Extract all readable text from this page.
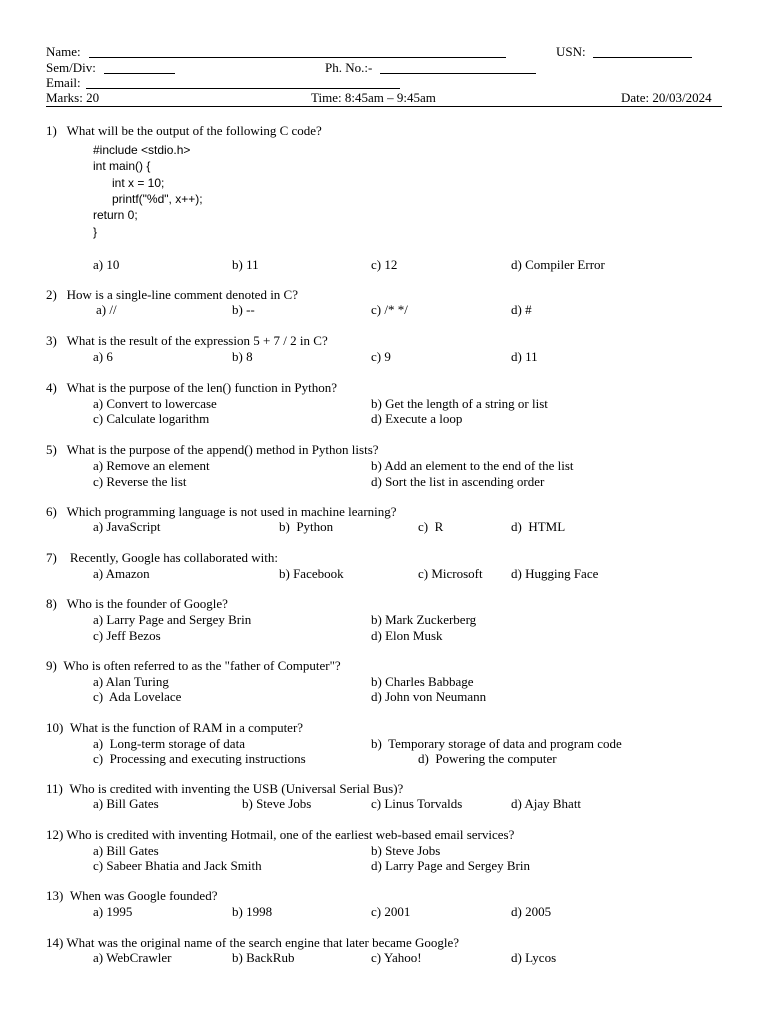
Name:	USN:
Sem/Div:	Ph. No.:-
Email:
Marks: 20	Time: 8:45am – 9:45am	Date: 20/03/2024
1)   What will be the output of the following C code?
#include <stdio.h>
int main() {
int x = 10;
printf("%d", x++);
return 0;
}
a) 10	b) 11	c) 12	d) Compiler Error
2)   How is a single-line comment denoted in C?
a) //	b) --	c) /* */	d) #
3)   What is the result of the expression 5 + 7 / 2 in C?
a) 6	b) 8	c) 9	d) 11
4)   What is the purpose of the len() function in Python?
a) Convert to lowercase	b) Get the length of a string or list
c) Calculate logarithm	d) Execute a loop
5)   What is the purpose of the append() method in Python lists?
a) Remove an element	b) Add an element to the end of the list
c) Reverse the list	d) Sort the list in ascending order
6)   Which programming language is not used in machine learning?
a) JavaScript	b)  Python	c)  R	d)  HTML
7)    Recently, Google has collaborated with:
a) Amazon	b) Facebook	c) Microsoft d) Hugging Face
8)   Who is the founder of Google?
a) Larry Page and Sergey Brin	b) Mark Zuckerberg
c) Jeff Bezos	d) Elon Musk
9)  Who is often referred to as the "father of Computer"?
a) Alan Turing	b) Charles Babbage
c)  Ada Lovelace	d) John von Neumann
10)  What is the function of RAM in a computer?
a)  Long-term storage of data	b)  Temporary storage of data and program code
c)  Processing and executing instructions	d)  Powering the computer
11)  Who is credited with inventing the USB (Universal Serial Bus)?
a) Bill Gates	b) Steve Jobs	c) Linus Torvalds	d) Ajay Bhatt
12) Who is credited with inventing Hotmail, one of the earliest web-based email services?
a) Bill Gates	b) Steve Jobs
c) Sabeer Bhatia and Jack Smith	d) Larry Page and Sergey Brin
13)  When was Google founded?
a) 1995	b) 1998	c) 2001	d) 2005
14) What was the original name of the search engine that later became Google?
a) WebCrawler	b) BackRub	c) Yahoo!	d) Lycos
